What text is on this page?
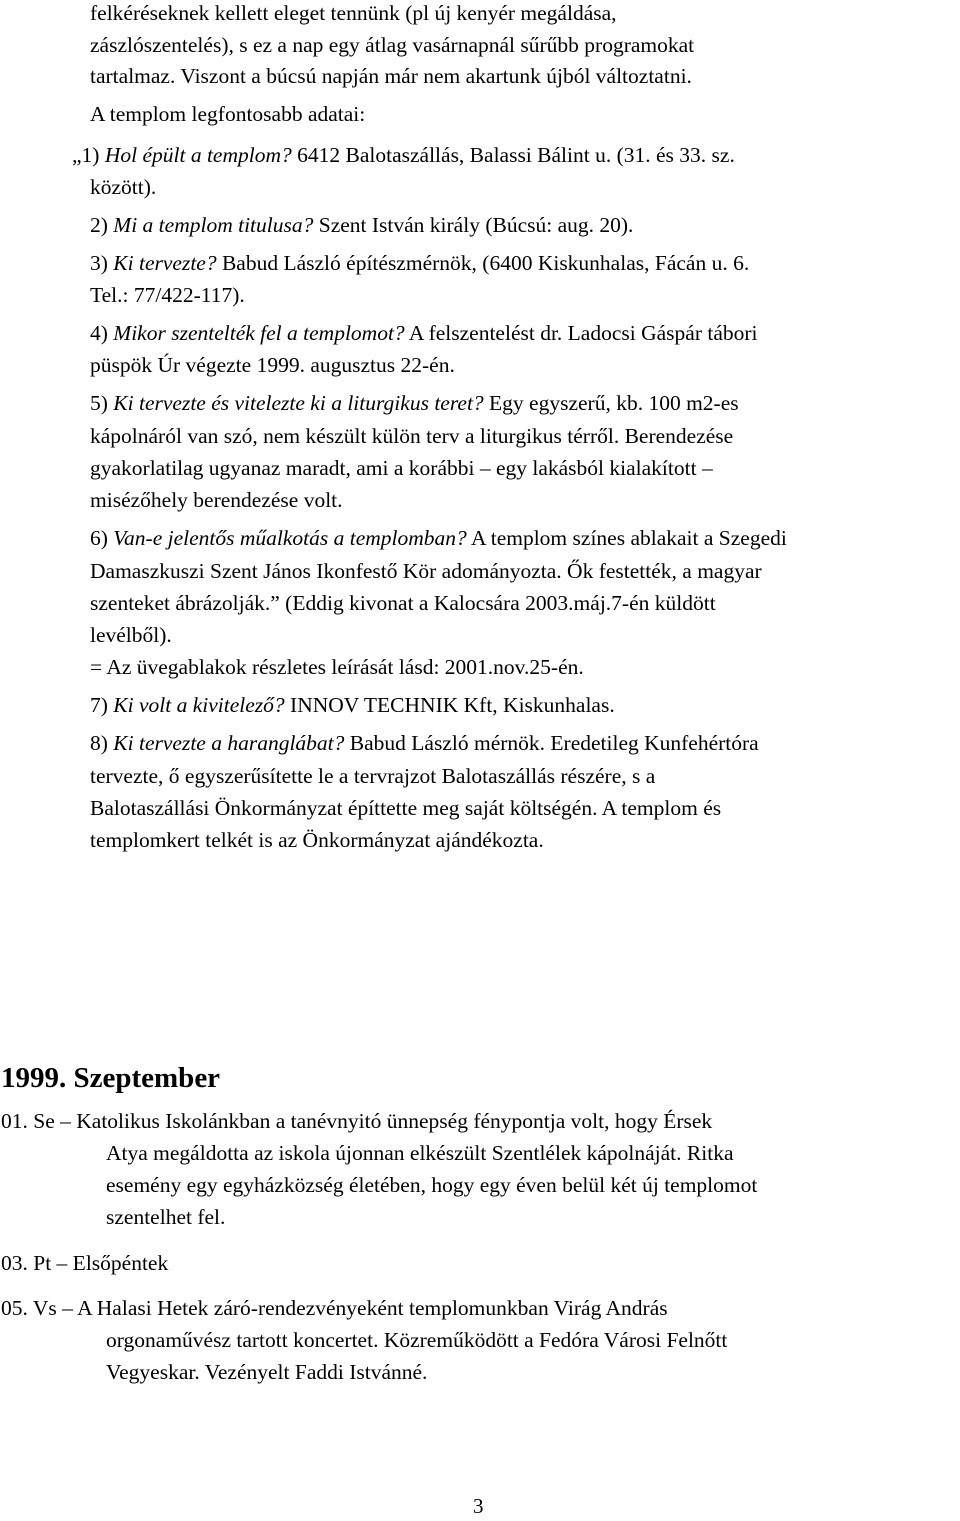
felkéréseknek kellett eleget tennünk (pl új kenyér megáldása,
zászlószentelés), s ez a nap egy átlag vasárnapnál sűrűbb programokat
tartalmaz. Viszont a búcsú napján már nem akartunk újból változtatni.
A templom legfontosabb adatai:
„1) Hol épült a templom? 6412 Balotaszállás, Balassi Bálint u. (31. és 33. sz.
között).
2) Mi a templom titulusa? Szent István király (Búcsú: aug. 20).
3) Ki tervezte? Babud László építészmérnök, (6400 Kiskunhalas, Fácán u. 6.
Tel.: 77/422-117).
4) Mikor szentelték fel a templomot? A felszentelést dr. Ladocsi Gáspár tábori
püspök Úr végezte 1999. augusztus 22-én.
5) Ki tervezte és vitelezte ki a liturgikus teret? Egy egyszerű, kb. 100 m2-es
kápolnáról van szó, nem készült külön terv a liturgikus térről. Berendezése
gyakorlatilag ugyanaz maradt, ami a korábbi – egy lakásból kialakított –
misézőhely berendezése volt.
6) Van-e jelentős műalkotás a templomban? A templom színes ablakait a Szegedi
Damaszkuszi Szent János Ikonfestő Kör adományozta. Ők festették, a magyar
szenteket ábrázolják.” (Eddig kivonat a Kalocsára 2003.máj.7-én küldött
levélből).
= Az üvegablakok részletes leírását lásd: 2001.nov.25-én.
7) Ki volt a kivitelező? INNOV TECHNIK Kft, Kiskunhalas.
8) Ki tervezte a haranglábat? Babud László mérnök. Eredetileg Kunfehértóra
tervezte, ő egyszerűsítette le a tervrajzot Balotaszállás részére, s a
Balotaszállási Önkormányzat építtette meg saját költségén. A templom és
templomkert telkét is az Önkormányzat ajándékozta.
1999. Szeptember
01. Se – Katolikus Iskolánkban a tanévnyitó ünnepség fénypontja volt, hogy Érsek
Atya megáldotta az iskola újonnan elkészült Szentlélek kápolnáját. Ritka
esemény egy egyházközség életében, hogy egy éven belül két új templomot
szentelhet fel.
03. Pt – Elsőpéntek
05. Vs – A Halasi Hetek záró-rendezvényeként templomunkban Virág András
orgonaművész tartott koncertet. Közreműködött a Fedóra Városi Felnőtt
Vegyeskar. Vezényelt Faddi Istvánné.
3
